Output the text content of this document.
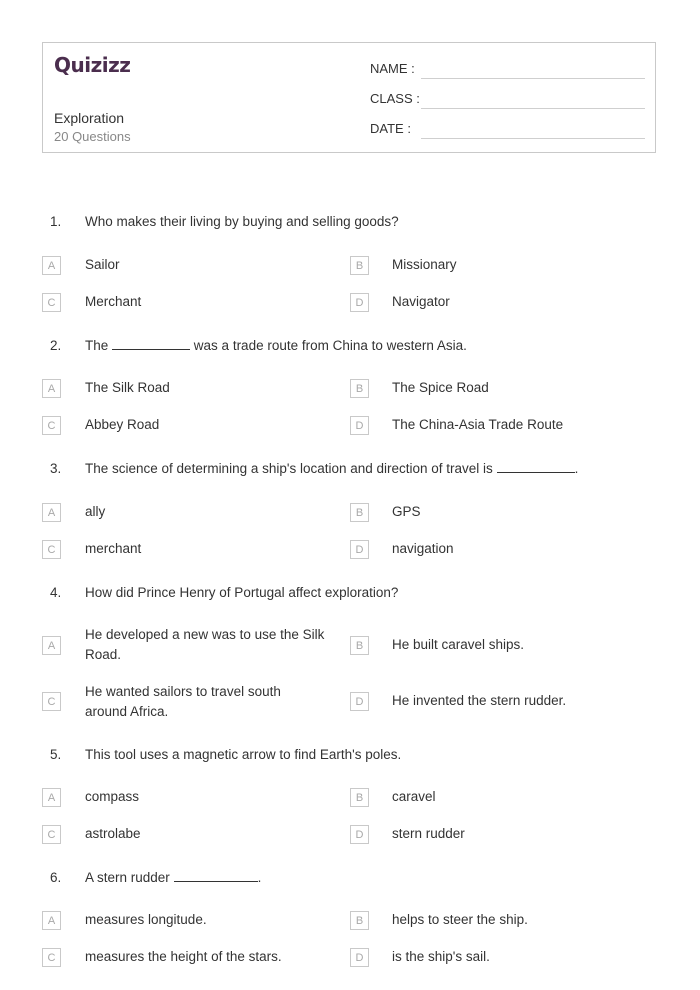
Quizizz
Exploration
20 Questions
NAME :
CLASS :
DATE :
1. Who makes their living by buying and selling goods?
A	Sailor	B	Missionary
C	Merchant	D	Navigator
2. The	was a trade route from China to western Asia.
A	The Silk Road	B	The Spice Road
C	Abbey Road	D	The China-Asia Trade Route
3. The science of determining a ship's location and direction of travel is	.
A	ally	B	GPS
C	merchant	D	navigation
4. How did Prince Henry of Portugal affect exploration?
A
He developed a new was to use the Silk Road.
B	He built caravel ships.
C
He wanted sailors to travel south around Africa.
D	He invented the stern rudder.
5. This tool uses a magnetic arrow to find Earth's poles.
A	compass	B	caravel
C	astrolabe	D	stern rudder
6. A stern rudder	.
A	measures longitude.	B	helps to steer the ship.
C	measures the height of the stars.	D	is the ship's sail.
